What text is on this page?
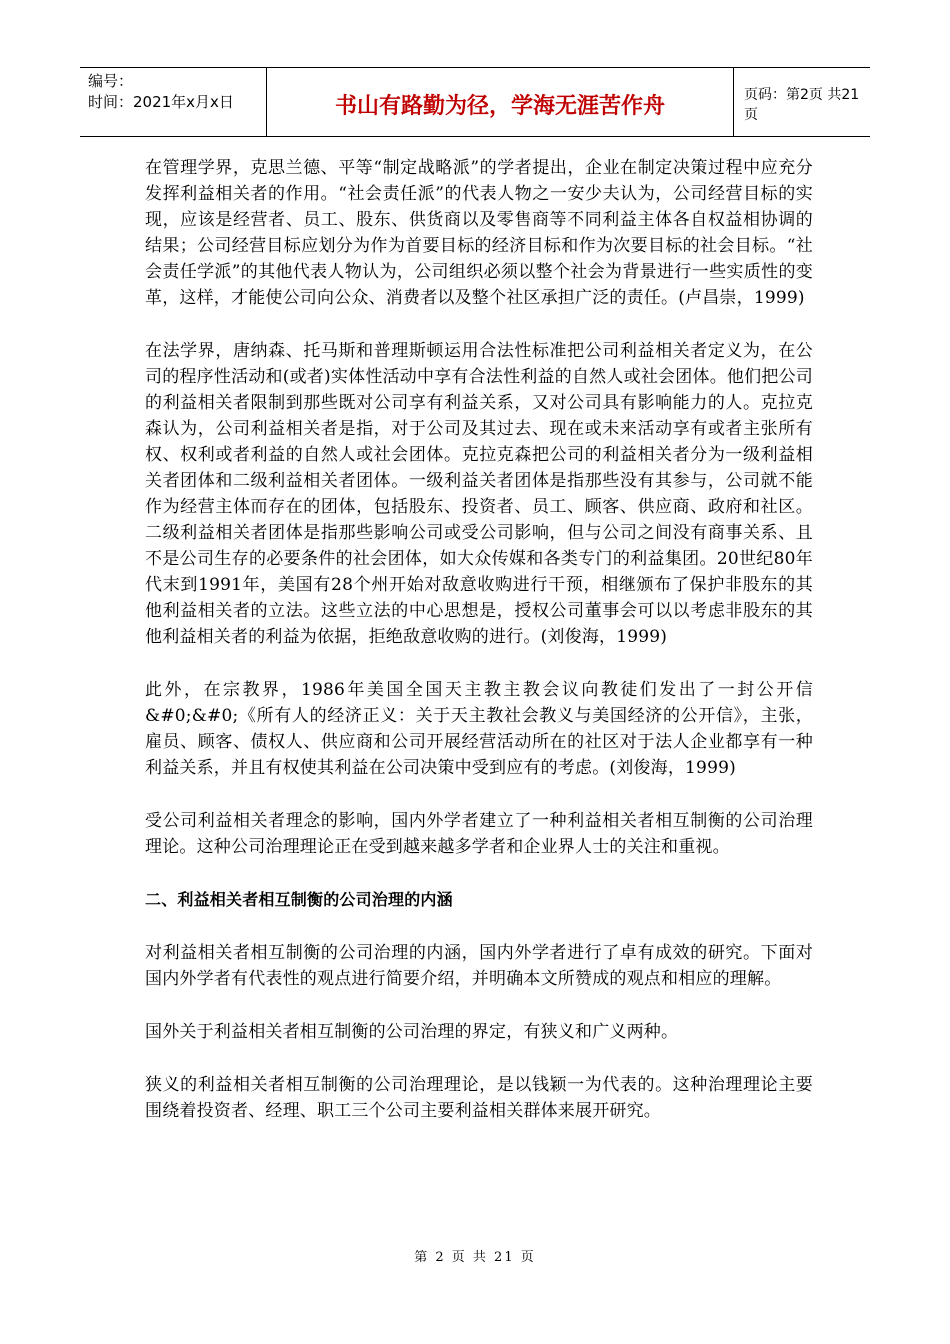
编号：
时间：2021年x月x日	书山有路勤为径，学海无涯苦作舟	页码：第2页 共21页

在管理学界，克思兰德、平等“制定战略派”的学者提出，企业在制定决策过程中应充分发挥利益相关者的作用。“社会责任派”的代表人物之一安少夫认为，公司经营目标的实现，应该是经营者、员工、股东、供货商以及零售商等不同利益主体各自权益相协调的结果；公司经营目标应划分为作为首要目标的经济目标和作为次要目标的社会目标。“社会责任学派”的其他代表人物认为，公司组织必须以整个社会为背景进行一些实质性的变革，这样，才能使公司向公众、消费者以及整个社区承担广泛的责任。(卢昌崇，1999)

在法学界，唐纳森、托马斯和普理斯顿运用合法性标准把公司利益相关者定义为，在公司的程序性活动和(或者)实体性活动中享有合法性利益的自然人或社会团体。他们把公司的利益相关者限制到那些既对公司享有利益关系，又对公司具有影响能力的人。克拉克森认为，公司利益相关者是指，对于公司及其过去、现在或未来活动享有或者主张所有权、权利或者利益的自然人或社会团体。克拉克森把公司的利益相关者分为一级利益相关者团体和二级利益相关者团体。一级利益关者团体是指那些没有其参与，公司就不能作为经营主体而存在的团体，包括股东、投资者、员工、顾客、供应商、政府和社区。二级利益相关者团体是指那些影响公司或受公司影响，但与公司之间没有商事关系、且不是公司生存的必要条件的社会团体，如大众传媒和各类专门的利益集团。20世纪80年代末到1991年，美国有28个州开始对敌意收购进行干预，相继颁布了保护非股东的其他利益相关者的立法。这些立法的中心思想是，授权公司董事会可以以考虑非股东的其他利益相关者的利益为依据，拒绝敌意收购的进行。(刘俊海，1999)

此外，在宗教界，1986年美国全国天主教主教会议向教徒们发出了一封公开信&#0;&#0;《所有人的经济正义：关于天主教社会教义与美国经济的公开信》，主张，雇员、顾客、债权人、供应商和公司开展经营活动所在的社区对于法人企业都享有一种利益关系，并且有权使其利益在公司决策中受到应有的考虑。(刘俊海，1999)

受公司利益相关者理念的影响，国内外学者建立了一种利益相关者相互制衡的公司治理理论。这种公司治理理论正在受到越来越多学者和企业界人士的关注和重视。

二、利益相关者相互制衡的公司治理的内涵

对利益相关者相互制衡的公司治理的内涵，国内外学者进行了卓有成效的研究。下面对国内外学者有代表性的观点进行简要介绍，并明确本文所赞成的观点和相应的理解。

国外关于利益相关者相互制衡的公司治理的界定，有狭义和广义两种。

狭义的利益相关者相互制衡的公司治理理论，是以钱颖一为代表的。这种治理理论主要围绕着投资者、经理、职工三个公司主要利益相关群体来展开研究。

第 2 页 共 21 页
